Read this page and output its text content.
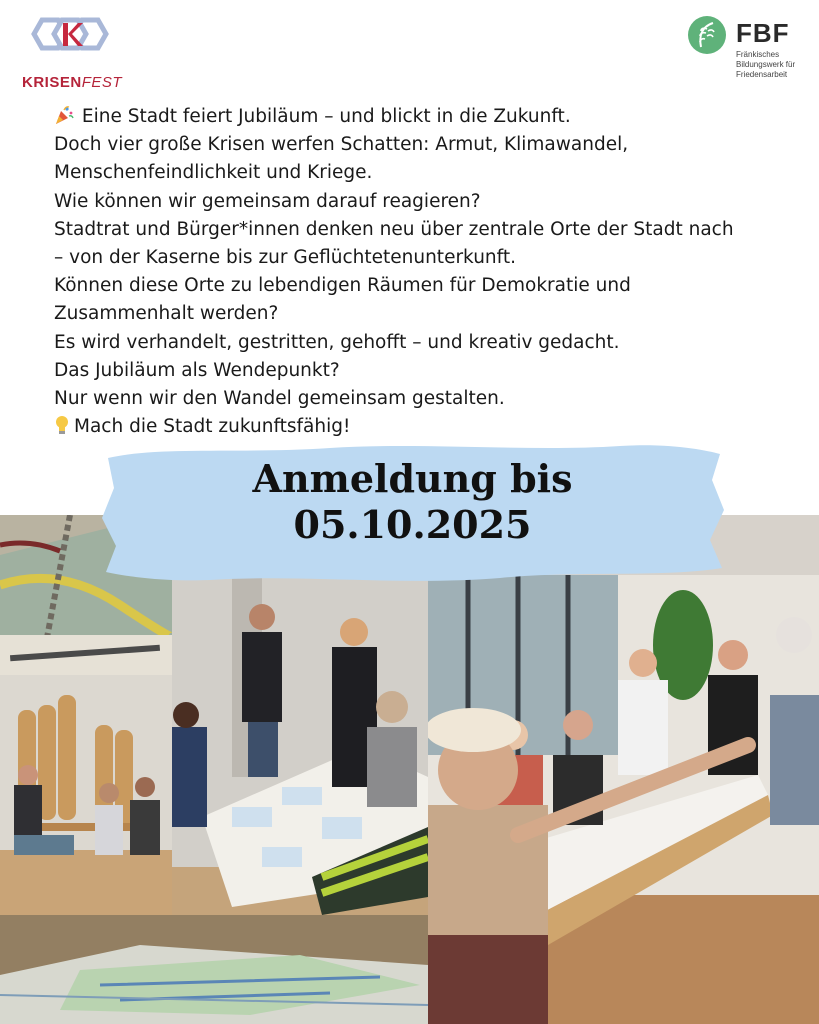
KRISENFEST
FBF
Fränkisches Bildungswerk für Friedensarbeit
Eine Stadt feiert Jubiläum – und blickt in die Zukunft.
Doch vier große Krisen werfen Schatten: Armut, Klimawandel,
Menschenfeindlichkeit und Kriege.
Wie können wir gemeinsam darauf reagieren?
Stadtrat und Bürger*innen denken neu über zentrale Orte der Stadt nach
– von der Kaserne bis zur Geflüchtetenunterkunft.
Können diese Orte zu lebendigen Räumen für Demokratie und
Zusammenhalt werden?
Es wird verhandelt, gestritten, gehofft – und kreativ gedacht.
Das Jubiläum als Wendepunkt?
Nur wenn wir den Wandel gemeinsam gestalten.
Mach die Stadt zukunftsfähig!
Anmeldung bis
05.10.2025
